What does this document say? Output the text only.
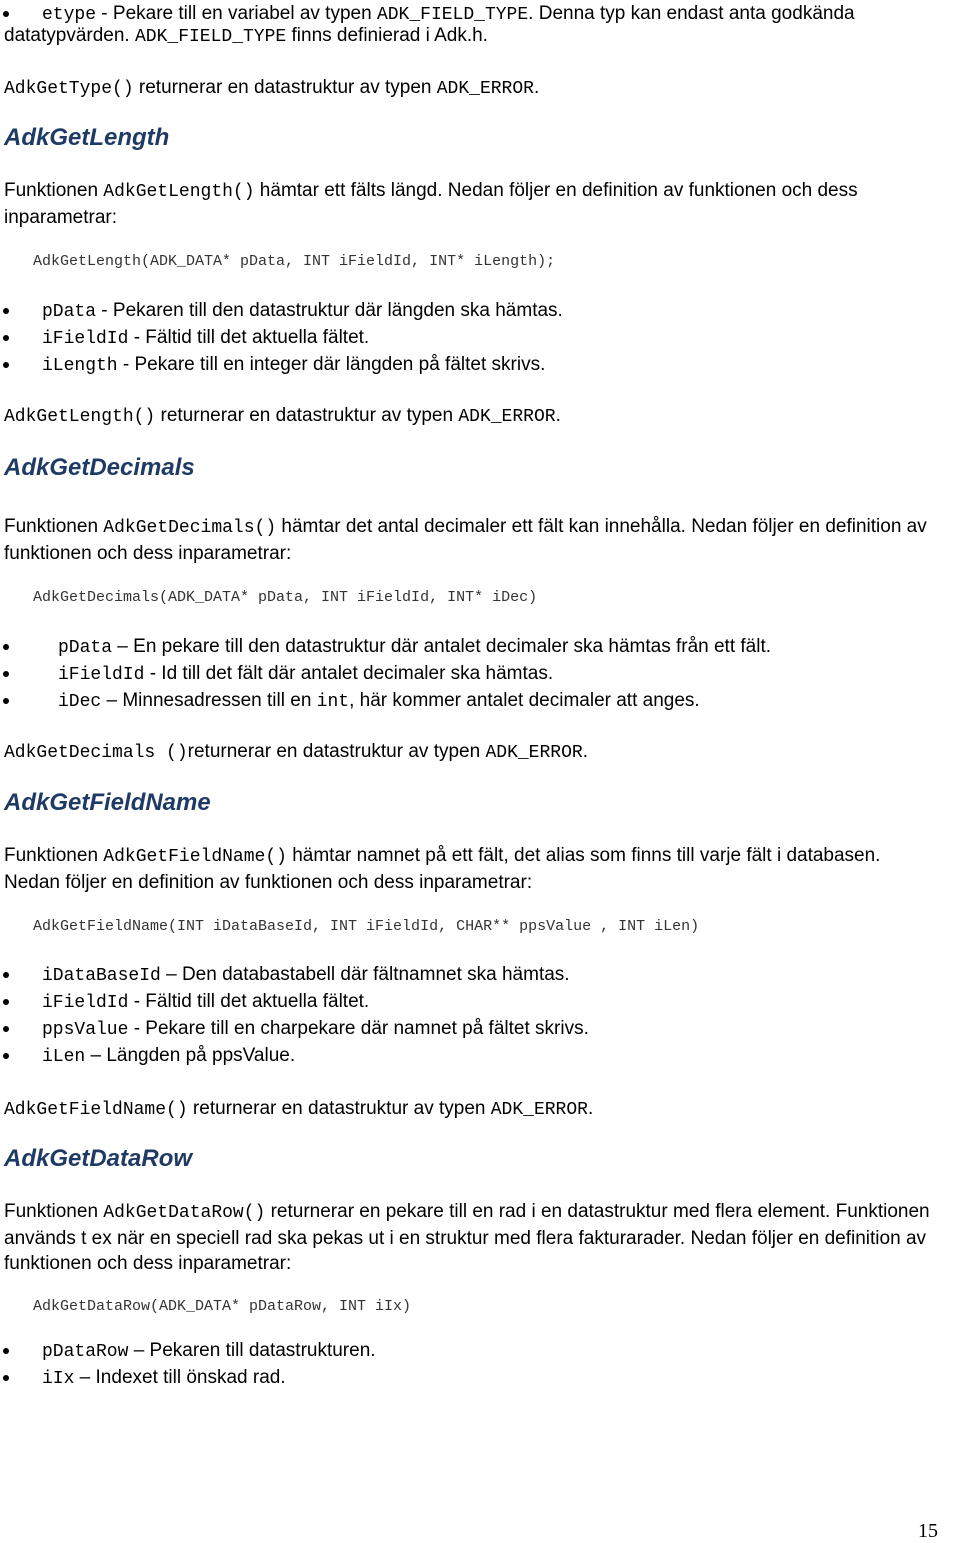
etype - Pekare till en variabel av typen ADK_FIELD_TYPE. Denna typ kan endast anta godkända
datatypvärden. ADK_FIELD_TYPE finns definierad i Adk.h.
AdkGetType() returnerar en datastruktur av typen ADK_ERROR.
AdkGetLength
Funktionen AdkGetLength() hämtar ett fälts längd. Nedan följer en definition av funktionen och dess inparametrar:
AdkGetLength(ADK_DATA* pData, INT iFieldId, INT* iLength);
pData - Pekaren till den datastruktur där längden ska hämtas.
iFieldId - Fältid till det aktuella fältet.
iLength - Pekare till en integer där längden på fältet skrivs.
AdkGetLength() returnerar en datastruktur av typen ADK_ERROR.
AdkGetDecimals
Funktionen AdkGetDecimals() hämtar det antal decimaler ett fält kan innehålla. Nedan följer en definition av funktionen och dess inparametrar:
AdkGetDecimals(ADK_DATA* pData, INT iFieldId, INT* iDec)
pData – En pekare till den datastruktur där antalet decimaler ska hämtas från ett fält.
iFieldId - Id till det fält där antalet decimaler ska hämtas.
iDec – Minnesadressen till en int, här kommer antalet decimaler att anges.
AdkGetDecimals ()returnerar en datastruktur av typen ADK_ERROR.
AdkGetFieldName
Funktionen AdkGetFieldName() hämtar namnet på ett fält, det alias som finns till varje fält i databasen. Nedan följer en definition av funktionen och dess inparametrar:
AdkGetFieldName(INT iDataBaseId, INT iFieldId, CHAR** ppsValue , INT iLen)
iDataBaseId – Den databastabell där fältnamnet ska hämtas.
iFieldId - Fältid till det aktuella fältet.
ppsValue - Pekare till en charpekare där namnet på fältet skrivs.
iLen – Längden på ppsValue.
AdkGetFieldName() returnerar en datastruktur av typen ADK_ERROR.
AdkGetDataRow
Funktionen AdkGetDataRow() returnerar en pekare till en rad i en datastruktur med flera element. Funktionen används t ex när en speciell rad ska pekas ut i en struktur med flera fakturarader. Nedan följer en definition av funktionen och dess inparametrar:
AdkGetDataRow(ADK_DATA* pDataRow, INT iIx)
pDataRow – Pekaren till datastrukturen.
iIx – Indexet till önskad rad.
15
